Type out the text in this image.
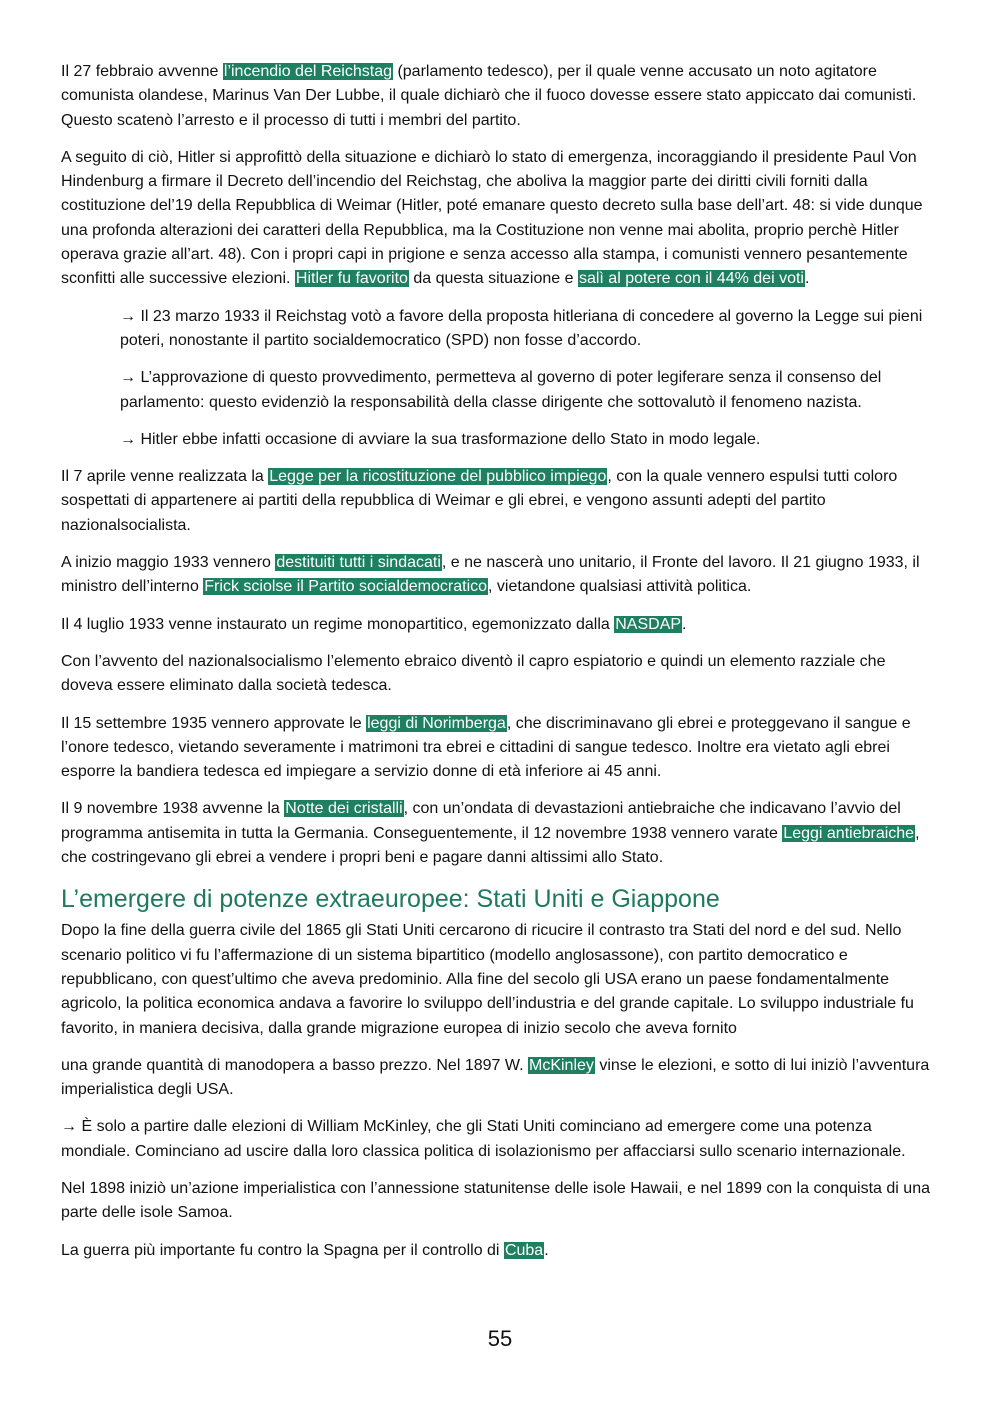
Il 27 febbraio avvenne l’incendio del Reichstag (parlamento tedesco), per il quale venne accusato un noto agitatore comunista olandese, Marinus Van Der Lubbe, il quale dichiarò che il fuoco dovesse essere stato appiccato dai comunisti. Questo scatenò l’arresto e il processo di tutti i membri del partito.

A seguito di ciò, Hitler si approfittò della situazione e dichiarò lo stato di emergenza, incoraggiando il presidente Paul Von Hindenburg a firmare il Decreto dell’incendio del Reichstag, che aboliva la maggior parte dei diritti civili forniti dalla costituzione del’19 della Repubblica di Weimar (Hitler, poté emanare questo decreto sulla base dell’art. 48: si vide dunque una profonda alterazioni dei caratteri della Repubblica, ma la Costituzione non venne mai abolita, proprio perchè Hitler operava grazie all’art. 48). Con i propri capi in prigione e senza accesso alla stampa, i comunisti vennero pesantemente sconfitti alle successive elezioni. Hitler fu favorito da questa situazione e salì al potere con il 44% dei voti.

→ Il 23 marzo 1933 il Reichstag votò a favore della proposta hitleriana di concedere al governo la Legge sui pieni poteri, nonostante il partito socialdemocratico (SPD) non fosse d’accordo.

→ L’approvazione di questo provvedimento, permetteva al governo di poter legiferare senza il consenso del parlamento: questo evidenziò la responsabilità della classe dirigente che sottovalutò il fenomeno nazista.

→ Hitler ebbe infatti occasione di avviare la sua trasformazione dello Stato in modo legale.

Il 7 aprile venne realizzata la Legge per la ricostituzione del pubblico impiego, con la quale vennero espulsi tutti coloro sospettati di appartenere ai partiti della repubblica di Weimar e gli ebrei, e vengono assunti adepti del partito nazionalsocialista.

A inizio maggio 1933 vennero destituiti tutti i sindacati, e ne nascerà uno unitario, il Fronte del lavoro. Il 21 giugno 1933, il ministro dell’interno Frick sciolse il Partito socialdemocratico, vietandone qualsiasi attività politica.

Il 4 luglio 1933 venne instaurato un regime monopartitico, egemonizzato dalla NASDAP.

Con l’avvento del nazionalsocialismo l’elemento ebraico diventò il capro espiatorio e quindi un elemento razziale che doveva essere eliminato dalla società tedesca.

Il 15 settembre 1935 vennero approvate le leggi di Norimberga, che discriminavano gli ebrei e proteggevano il sangue e l’onore tedesco, vietando severamente i matrimoni tra ebrei e cittadini di sangue tedesco. Inoltre era vietato agli ebrei esporre la bandiera tedesca ed impiegare a servizio donne di età inferiore ai 45 anni.

Il 9 novembre 1938 avvenne la Notte dei cristalli, con un’ondata di devastazioni antiebraiche che indicavano l’avvio del programma antisemita in tutta la Germania. Conseguentemente, il 12 novembre 1938 vennero varate Leggi antiebraiche, che costringevano gli ebrei a vendere i propri beni e pagare danni altissimi allo Stato.

L’emergere di potenze extraeuropee: Stati Uniti e Giappone

Dopo la fine della guerra civile del 1865 gli Stati Uniti cercarono di ricucire il contrasto tra Stati del nord e del sud. Nello scenario politico vi fu l’affermazione di un sistema bipartitico (modello anglosassone), con partito democratico e repubblicano, con quest’ultimo che aveva predominio. Alla fine del secolo gli USA erano un paese fondamentalmente agricolo, la politica economica andava a favorire lo sviluppo dell’industria e del grande capitale. Lo sviluppo industriale fu favorito, in maniera decisiva, dalla grande migrazione europea di inizio secolo che aveva fornito

una grande quantità di manodopera a basso prezzo. Nel 1897 W. McKinley vinse le elezioni, e sotto di lui iniziò l’avventura imperialistica degli USA.

→ È solo a partire dalle elezioni di William McKinley, che gli Stati Uniti cominciano ad emergere come una potenza mondiale. Cominciano ad uscire dalla loro classica politica di isolazionismo per affacciarsi sullo scenario internazionale.

Nel 1898 iniziò un’azione imperialistica con l’annessione statunitense delle isole Hawaii, e nel 1899 con la conquista di una parte delle isole Samoa.

La guerra più importante fu contro la Spagna per il controllo di Cuba.

55
